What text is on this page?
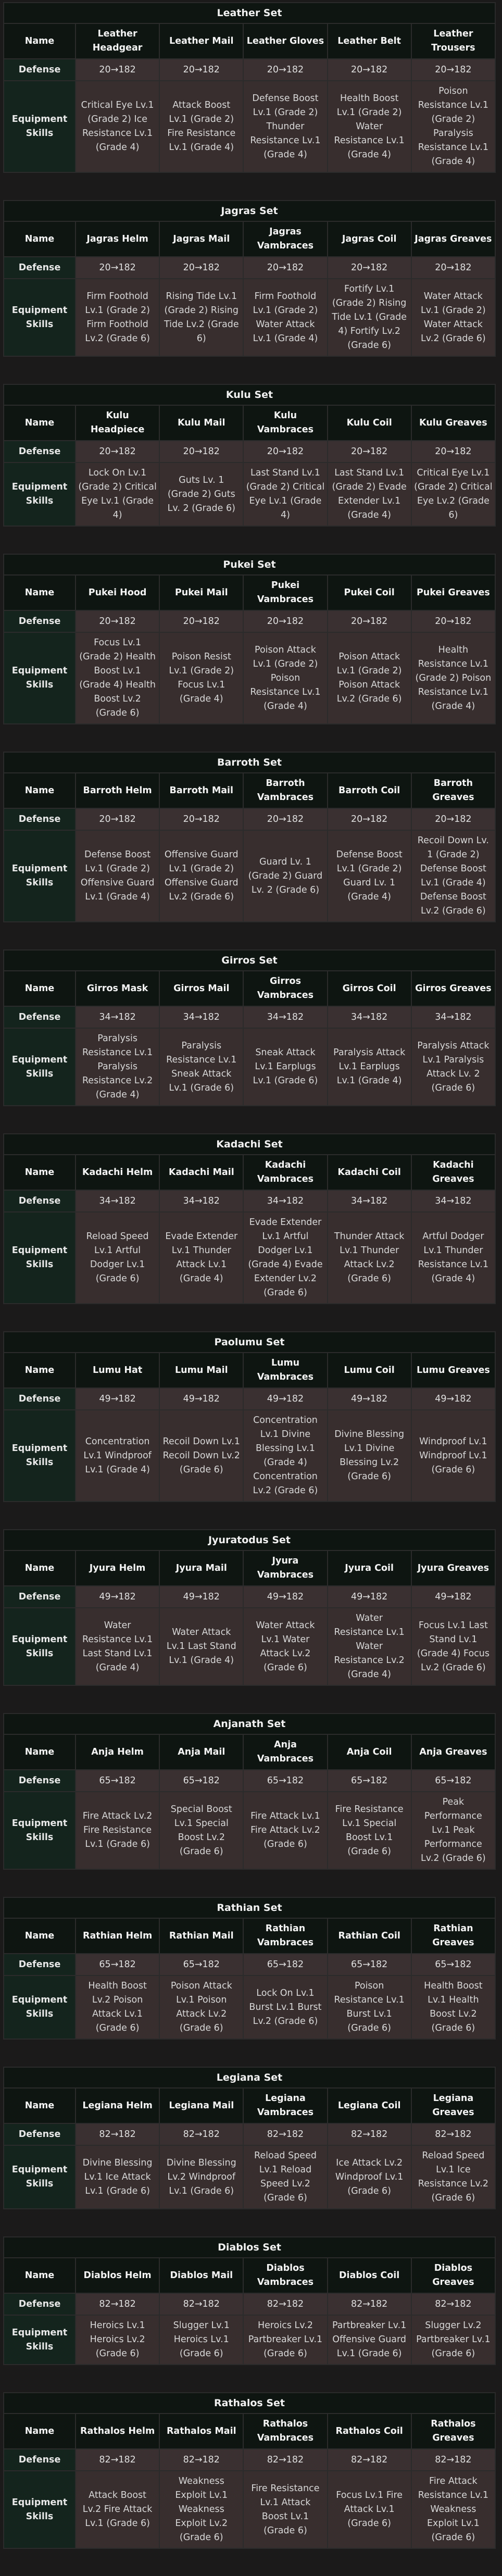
Leather Set
Name	Leather Headgear	Leather Mail	Leather Gloves	Leather Belt	Leather Trousers
Defense	20→182	20→182	20→182	20→182	20→182
Equipment Skills	Critical Eye Lv.1 (Grade 2) Ice Resistance Lv.1 (Grade 4)	Attack Boost Lv.1 (Grade 2) Fire Resistance Lv.1 (Grade 4)	Defense Boost Lv.1 (Grade 2) Thunder Resistance Lv.1 (Grade 4)	Health Boost Lv.1 (Grade 2) Water Resistance Lv.1 (Grade 4)	Poison Resistance Lv.1 (Grade 2) Paralysis Resistance Lv.1 (Grade 4)
Jagras Set
Name	Jagras Helm	Jagras Mail	Jagras Vambraces	Jagras Coil	Jagras Greaves
Defense	20→182	20→182	20→182	20→182	20→182
Equipment Skills	Firm Foothold Lv.1 (Grade 2) Firm Foothold Lv.2 (Grade 6)	Rising Tide Lv.1 (Grade 2) Rising Tide Lv.2 (Grade 6)	Firm Foothold Lv.1 (Grade 2) Water Attack Lv.1 (Grade 4)	Fortify Lv.1 (Grade 2) Rising Tide Lv.1 (Grade 4) Fortify Lv.2 (Grade 6)	Water Attack Lv.1 (Grade 2) Water Attack Lv.2 (Grade 6)
Kulu Set
Name	Kulu Headpiece	Kulu Mail	Kulu Vambraces	Kulu Coil	Kulu Greaves
Defense	20→182	20→182	20→182	20→182	20→182
Equipment Skills	Lock On Lv.1 (Grade 2) Critical Eye Lv.1 (Grade 4)	Guts Lv. 1 (Grade 2) Guts Lv. 2 (Grade 6)	Last Stand Lv.1 (Grade 2) Critical Eye Lv.1 (Grade 4)	Last Stand Lv.1 (Grade 2) Evade Extender Lv.1 (Grade 4)	Critical Eye Lv.1 (Grade 2) Critical Eye Lv.2 (Grade 6)
Pukei Set
Name	Pukei Hood	Pukei Mail	Pukei Vambraces	Pukei Coil	Pukei Greaves
Defense	20→182	20→182	20→182	20→182	20→182
Equipment Skills	Focus Lv.1 (Grade 2) Health Boost Lv.1 (Grade 4) Health Boost Lv.2 (Grade 6)	Poison Resist Lv.1 (Grade 2) Focus Lv.1 (Grade 4)	Poison Attack Lv.1 (Grade 2) Poison Resistance Lv.1 (Grade 4)	Poison Attack Lv.1 (Grade 2) Poison Attack Lv.2 (Grade 6)	Health Resistance Lv.1 (Grade 2) Poison Resistance Lv.1 (Grade 4)
Barroth Set
Name	Barroth Helm	Barroth Mail	Barroth Vambraces	Barroth Coil	Barroth Greaves
Defense	20→182	20→182	20→182	20→182	20→182
Equipment Skills	Defense Boost Lv.1 (Grade 2) Offensive Guard Lv.1 (Grade 4)	Offensive Guard Lv.1 (Grade 2) Offensive Guard Lv.2 (Grade 6)	Guard Lv. 1 (Grade 2) Guard Lv. 2 (Grade 6)	Defense Boost Lv.1 (Grade 2) Guard Lv. 1 (Grade 4)	Recoil Down Lv. 1 (Grade 2) Defense Boost Lv.1 (Grade 4) Defense Boost Lv.2 (Grade 6)
Girros Set
Name	Girros Mask	Girros Mail	Girros Vambraces	Girros Coil	Girros Greaves
Defense	34→182	34→182	34→182	34→182	34→182
Equipment Skills	Paralysis Resistance Lv.1 Paralysis Resistance Lv.2 (Grade 4)	Paralysis Resistance Lv.1 Sneak Attack Lv.1 (Grade 6)	Sneak Attack Lv.1 Earplugs Lv.1 (Grade 6)	Paralysis Attack Lv.1 Earplugs Lv.1 (Grade 4)	Paralysis Attack Lv.1 Paralysis Attack Lv. 2 (Grade 6)
Kadachi Set
Name	Kadachi Helm	Kadachi Mail	Kadachi Vambraces	Kadachi Coil	Kadachi Greaves
Defense	34→182	34→182	34→182	34→182	34→182
Equipment Skills	Reload Speed Lv.1 Artful Dodger Lv.1 (Grade 6)	Evade Extender Lv.1 Thunder Attack Lv.1 (Grade 4)	Evade Extender Lv.1 Artful Dodger Lv.1 (Grade 4) Evade Extender Lv.2 (Grade 6)	Thunder Attack Lv.1 Thunder Attack Lv.2 (Grade 6)	Artful Dodger Lv.1 Thunder Resistance Lv.1 (Grade 4)
Paolumu Set
Name	Lumu Hat	Lumu Mail	Lumu Vambraces	Lumu Coil	Lumu Greaves
Defense	49→182	49→182	49→182	49→182	49→182
Equipment Skills	Concentration Lv.1 Windproof Lv.1 (Grade 4)	Recoil Down Lv.1 Recoil Down Lv.2 (Grade 6)	Concentration Lv.1 Divine Blessing Lv.1 (Grade 4) Concentration Lv.2 (Grade 6)	Divine Blessing Lv.1 Divine Blessing Lv.2 (Grade 6)	Windproof Lv.1 Windproof Lv.1 (Grade 6)
Jyuratodus Set
Name	Jyura Helm	Jyura Mail	Jyura Vambraces	Jyura Coil	Jyura Greaves
Defense	49→182	49→182	49→182	49→182	49→182
Equipment Skills	Water Resistance Lv.1 Last Stand Lv.1 (Grade 4)	Water Attack Lv.1 Last Stand Lv.1 (Grade 4)	Water Attack Lv.1 Water Attack Lv.2 (Grade 6)	Water Resistance Lv.1 Water Resistance Lv.2 (Grade 4)	Focus Lv.1 Last Stand Lv.1 (Grade 4) Focus Lv.2 (Grade 6)
Anjanath Set
Name	Anja Helm	Anja Mail	Anja Vambraces	Anja Coil	Anja Greaves
Defense	65→182	65→182	65→182	65→182	65→182
Equipment Skills	Fire Attack Lv.2 Fire Resistance Lv.1 (Grade 6)	Special Boost Lv.1 Special Boost Lv.2 (Grade 6)	Fire Attack Lv.1 Fire Attack Lv.2 (Grade 6)	Fire Resistance Lv.1 Special Boost Lv.1 (Grade 6)	Peak Performance Lv.1 Peak Performance Lv.2 (Grade 6)
Rathian Set
Name	Rathian Helm	Rathian Mail	Rathian Vambraces	Rathian Coil	Rathian Greaves
Defense	65→182	65→182	65→182	65→182	65→182
Equipment Skills	Health Boost Lv.2 Poison Attack Lv.1 (Grade 6)	Poison Attack Lv.1 Poison Attack Lv.2 (Grade 6)	Lock On Lv.1 Burst Lv.1 Burst Lv.2 (Grade 6)	Poison Resistance Lv.1 Burst Lv.1 (Grade 6)	Health Boost Lv.1 Health Boost Lv.2 (Grade 6)
Legiana Set
Name	Legiana Helm	Legiana Mail	Legiana Vambraces	Legiana Coil	Legiana Greaves
Defense	82→182	82→182	82→182	82→182	82→182
Equipment Skills	Divine Blessing Lv.1 Ice Attack Lv.1 (Grade 6)	Divine Blessing Lv.2 Windproof Lv.1 (Grade 6)	Reload Speed Lv.1 Reload Speed Lv.2 (Grade 6)	Ice Attack Lv.2 Windproof Lv.1 (Grade 6)	Reload Speed Lv.1 Ice Resistance Lv.2 (Grade 6)
Diablos Set
Name	Diablos Helm	Diablos Mail	Diablos Vambraces	Diablos Coil	Diablos Greaves
Defense	82→182	82→182	82→182	82→182	82→182
Equipment Skills	Heroics Lv.1 Heroics Lv.2 (Grade 6)	Slugger Lv.1 Heroics Lv.1 (Grade 6)	Heroics Lv.2 Partbreaker Lv.1 (Grade 6)	Partbreaker Lv.1 Offensive Guard Lv.1 (Grade 6)	Slugger Lv.2 Partbreaker Lv.1 (Grade 6)
Rathalos Set
Name	Rathalos Helm	Rathalos Mail	Rathalos Vambraces	Rathalos Coil	Rathalos Greaves
Defense	82→182	82→182	82→182	82→182	82→182
Equipment Skills	Attack Boost Lv.2 Fire Attack Lv.1 (Grade 6)	Weakness Exploit Lv.1 Weakness Exploit Lv.2 (Grade 6)	Fire Resistance Lv.1 Attack Boost Lv.1 (Grade 6)	Focus Lv.1 Fire Attack Lv.1 (Grade 6)	Fire Attack Resistance Lv.1 Weakness Exploit Lv.1 (Grade 6)
